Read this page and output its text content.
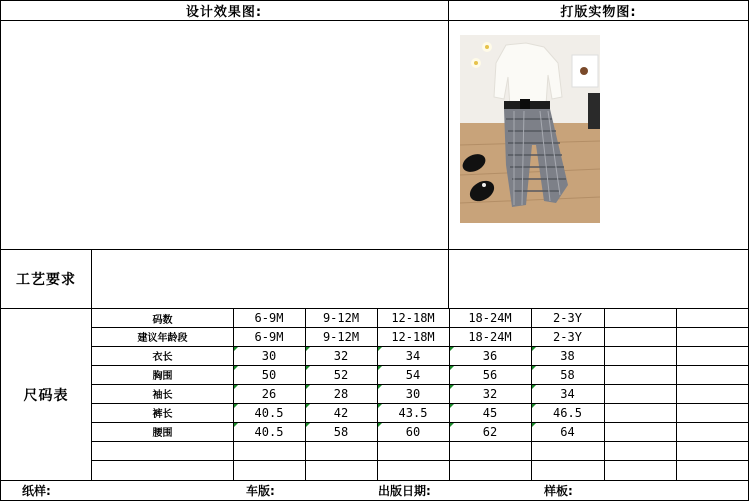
设计效果图:	打版实物图:
工艺要求
尺码表
码数	6-9M	9-12M	12-18M	18-24M	2-3Y
建议年龄段	6-9M	9-12M	12-18M	18-24M	2-3Y
衣长	30	32	34	36	38
胸围	50	52	54	56	58
袖长	26	28	30	32	34
裤长	40.5	42	43.5	45	46.5
腰围	40.5	58	60	62	64
纸样:	车版:	出版日期:	样板:
